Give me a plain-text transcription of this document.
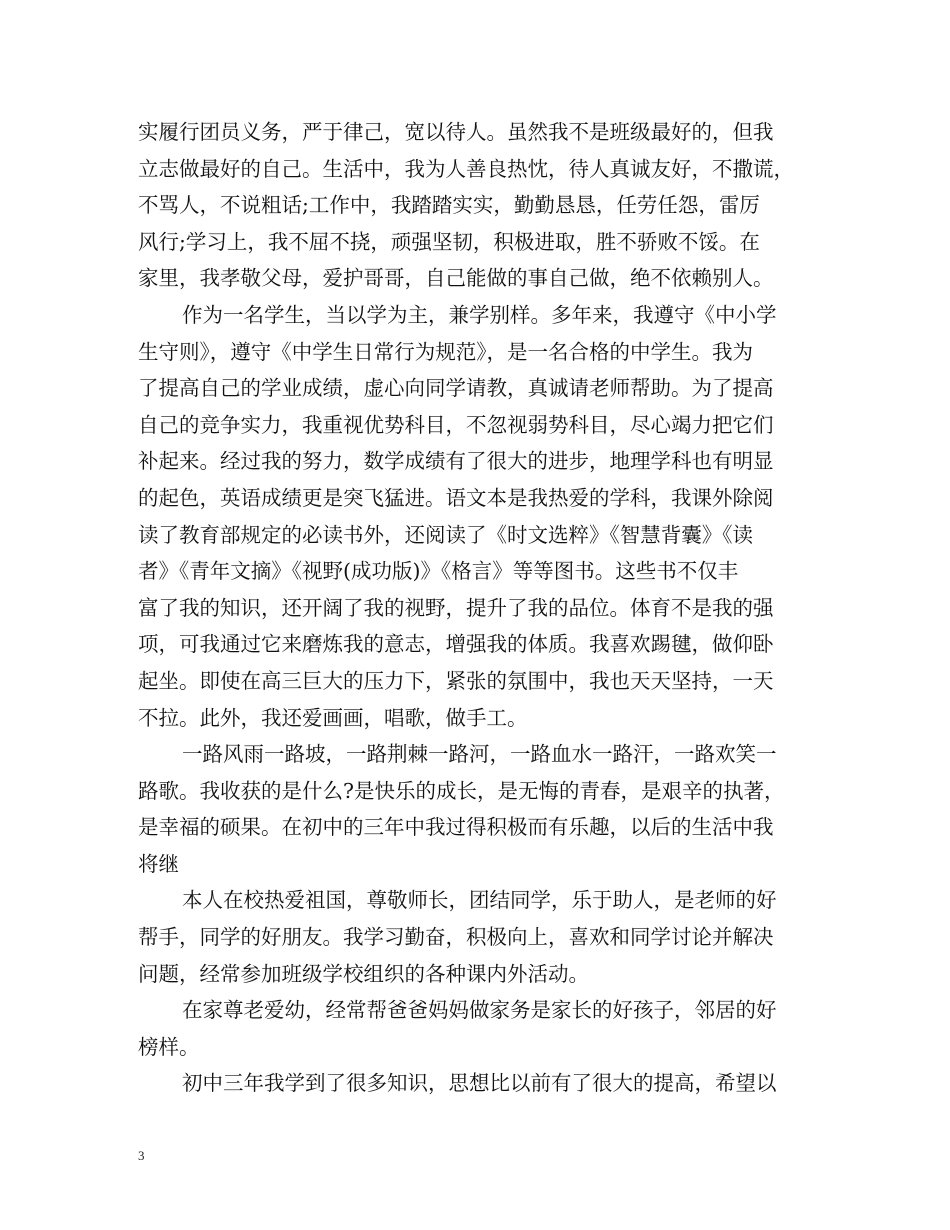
实履行团员义务，严于律己，宽以待人。虽然我不是班级最好的，但我
立志做最好的自己。生活中，我为人善良热忱，待人真诚友好，不撒谎，
不骂人，不说粗话;工作中，我踏踏实实，勤勤恳恳，任劳任怨，雷厉
风行;学习上，我不屈不挠，顽强坚韧，积极进取，胜不骄败不馁。在
家里，我孝敬父母，爱护哥哥，自己能做的事自己做，绝不依赖别人。
作为一名学生，当以学为主，兼学别样。多年来，我遵守《中小学
生守则》，遵守《中学生日常行为规范》，是一名合格的中学生。我为
了提高自己的学业成绩，虚心向同学请教，真诚请老师帮助。为了提高
自己的竞争实力，我重视优势科目，不忽视弱势科目，尽心竭力把它们
补起来。经过我的努力，数学成绩有了很大的进步，地理学科也有明显
的起色，英语成绩更是突飞猛进。语文本是我热爱的学科，我课外除阅
读了教育部规定的必读书外，还阅读了《时文选粹》《智慧背囊》《读
者》《青年文摘》《视野(成功版)》《格言》等等图书。这些书不仅丰
富了我的知识，还开阔了我的视野，提升了我的品位。体育不是我的强
项，可我通过它来磨炼我的意志，增强我的体质。我喜欢踢毽，做仰卧
起坐。即使在高三巨大的压力下，紧张的氛围中，我也天天坚持，一天
不拉。此外，我还爱画画，唱歌，做手工。
一路风雨一路坡，一路荆棘一路河，一路血水一路汗，一路欢笑一
路歌。我收获的是什么?是快乐的成长，是无悔的青春，是艰辛的执著，
是幸福的硕果。在初中的三年中我过得积极而有乐趣，以后的生活中我
将继
本人在校热爱祖国，尊敬师长，团结同学，乐于助人，是老师的好
帮手，同学的好朋友。我学习勤奋，积极向上，喜欢和同学讨论并解决
问题，经常参加班级学校组织的各种课内外活动。
在家尊老爱幼，经常帮爸爸妈妈做家务是家长的好孩子，邻居的好
榜样。
初中三年我学到了很多知识，思想比以前有了很大的提高，希望以
3
